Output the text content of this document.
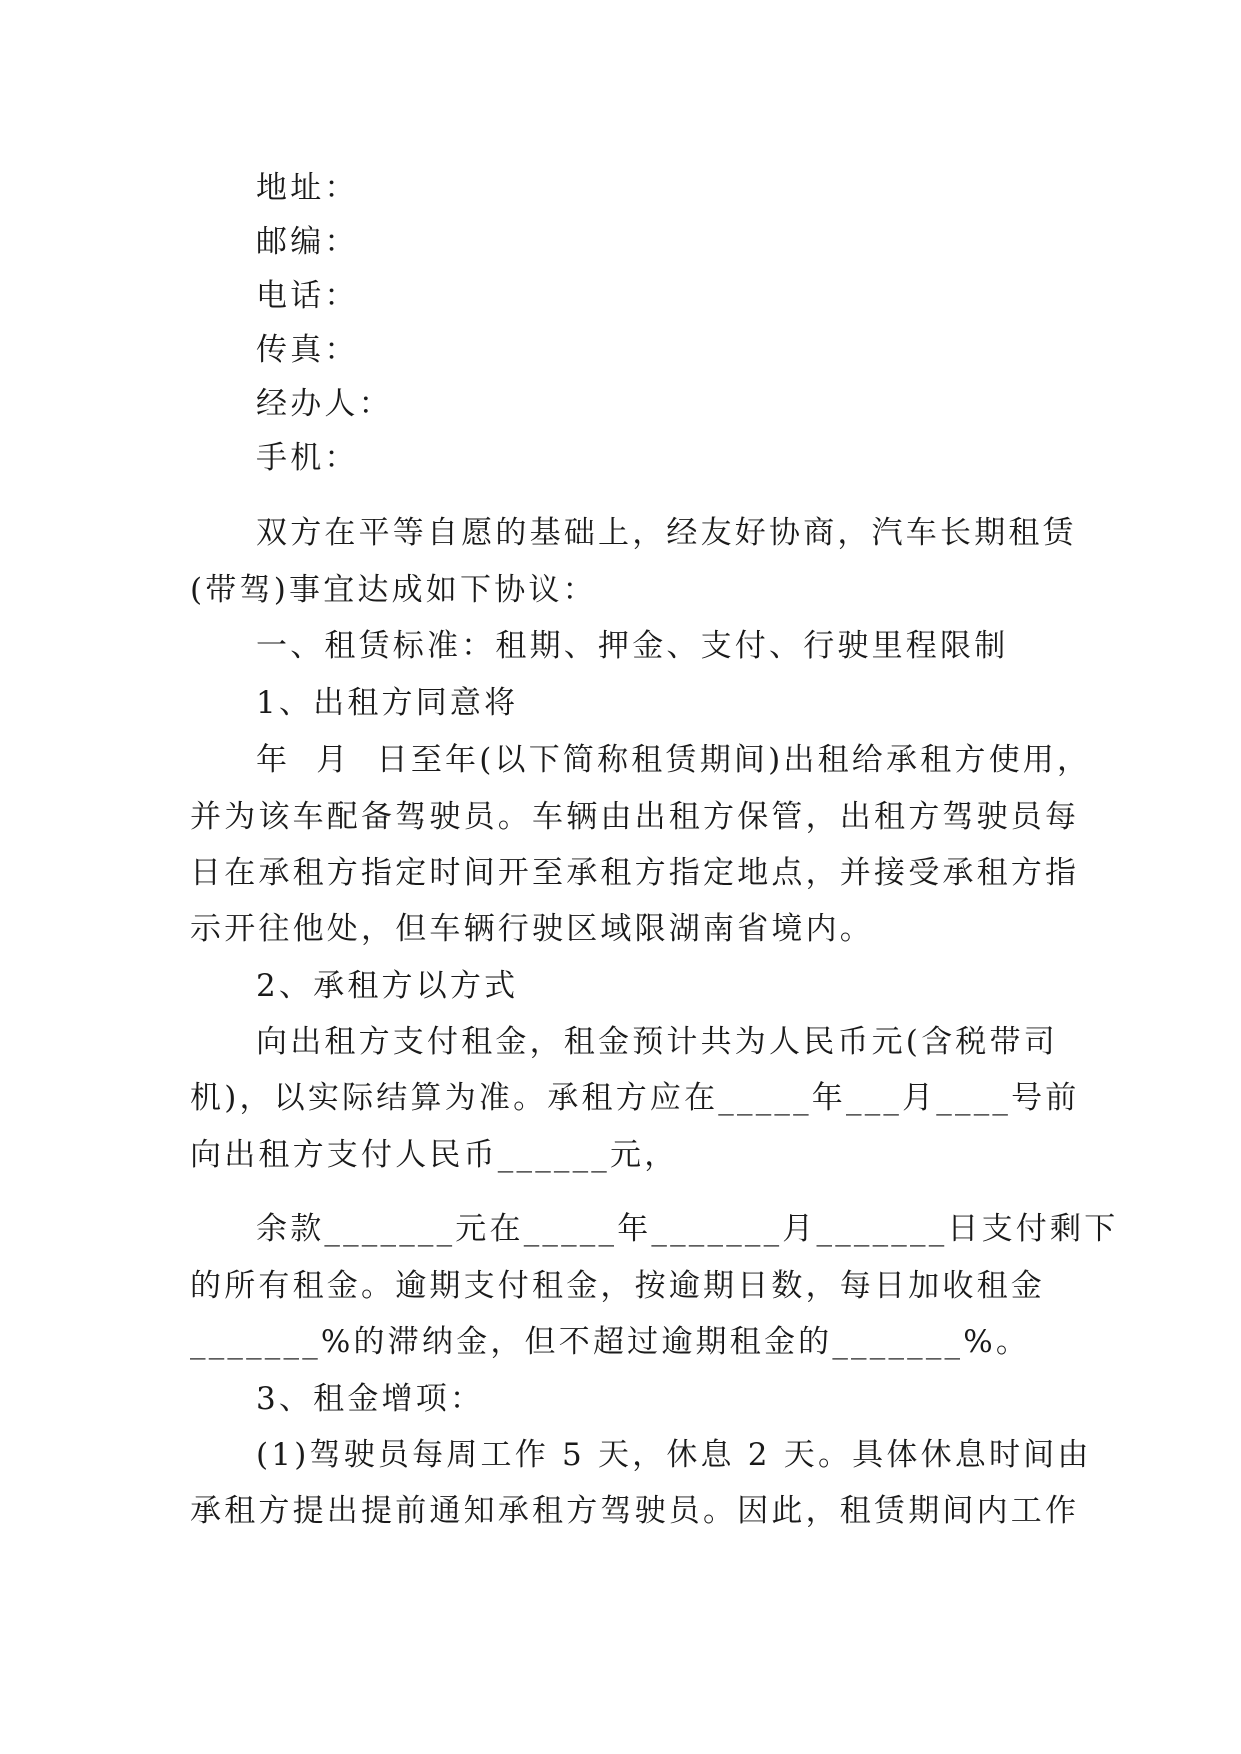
地址：
邮编：
电话：
传真：
经办人：
手机：
双方在平等自愿的基础上，经友好协商，汽车长期租赁
(带驾)事宜达成如下协议：
一、租赁标准：租期、押金、支付、行驶里程限制
1、出租方同意将
年  月  日至年(以下简称租赁期间)出租给承租方使用，
并为该车配备驾驶员。车辆由出租方保管，出租方驾驶员每
日在承租方指定时间开至承租方指定地点，并接受承租方指
示开往他处，但车辆行驶区域限湖南省境内。
2、承租方以方式
向出租方支付租金，租金预计共为人民币元(含税带司
机)，以实际结算为准。承租方应在_____年___月____号前
向出租方支付人民币______元，
余款_______元在_____年_______月_______日支付剩下
的所有租金。逾期支付租金，按逾期日数，每日加收租金
_______%的滞纳金，但不超过逾期租金的_______%。
3、租金增项：
(1)驾驶员每周工作 5 天，休息 2 天。具体休息时间由
承租方提出提前通知承租方驾驶员。因此，租赁期间内工作
